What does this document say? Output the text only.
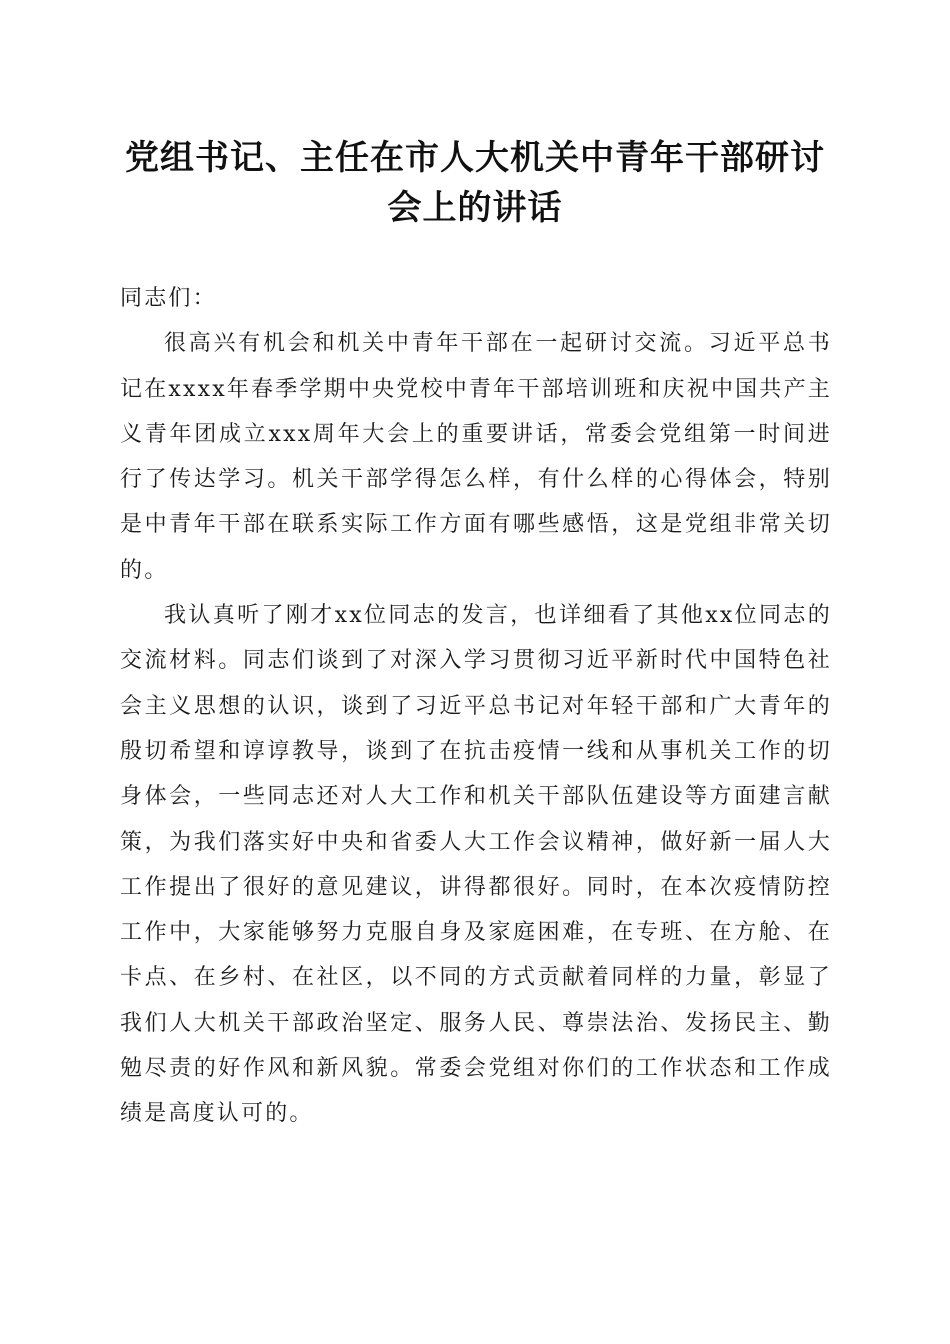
党组书记、主任在市人大机关中青年干部研讨会上的讲话

同志们：

很高兴有机会和机关中青年干部在一起研讨交流。习近平总书记在xxxx年春季学期中央党校中青年干部培训班和庆祝中国共产主义青年团成立xxx周年大会上的重要讲话，常委会党组第一时间进行了传达学习。机关干部学得怎么样，有什么样的心得体会，特别是中青年干部在联系实际工作方面有哪些感悟，这是党组非常关切的。

我认真听了刚才xx位同志的发言，也详细看了其他xx位同志的交流材料。同志们谈到了对深入学习贯彻习近平新时代中国特色社会主义思想的认识，谈到了习近平总书记对年轻干部和广大青年的殷切希望和谆谆教导，谈到了在抗击疫情一线和从事机关工作的切身体会，一些同志还对人大工作和机关干部队伍建设等方面建言献策，为我们落实好中央和省委人大工作会议精神，做好新一届人大工作提出了很好的意见建议，讲得都很好。同时，在本次疫情防控工作中，大家能够努力克服自身及家庭困难，在专班、在方舱、在卡点、在乡村、在社区，以不同的方式贡献着同样的力量，彰显了我们人大机关干部政治坚定、服务人民、尊崇法治、发扬民主、勤勉尽责的好作风和新风貌。常委会党组对你们的工作状态和工作成绩是高度认可的。
